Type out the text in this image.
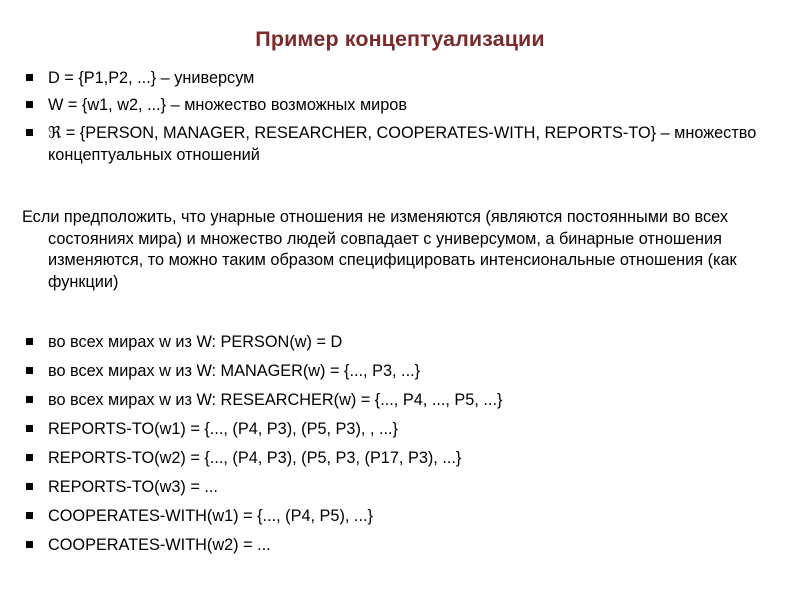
Пример концептуализации
D = {P1,P2, ...} – универсум
W = {w1, w2, ...} – множество возможных миров
ℜ = {PERSON, MANAGER, RESEARCHER, COOPERATES-WITH, REPORTS-TO} – множество концептуальных отношений

Если предположить, что унарные отношения не изменяются (являются постоянными во всех состояниях мира) и множество людей совпадает с универсумом, а бинарные отношения изменяются, то можно таким образом специфицировать интенсиональные отношения (как функции)

во всех мирах w из W: PERSON(w) = D
во всех мирах w из W: MANAGER(w) = {..., P3, ...}
во всех мирах w из W: RESEARCHER(w) = {..., P4, ..., P5, ...}
REPORTS-TO(w1) = {..., (P4, P3), (P5, P3), , ...}
REPORTS-TO(w2) = {..., (P4, P3), (P5, P3, (P17, P3), ...}
REPORTS-TO(w3) = ...
COOPERATES-WITH(w1) = {..., (P4, P5), ...}
COOPERATES-WITH(w2) = ...
